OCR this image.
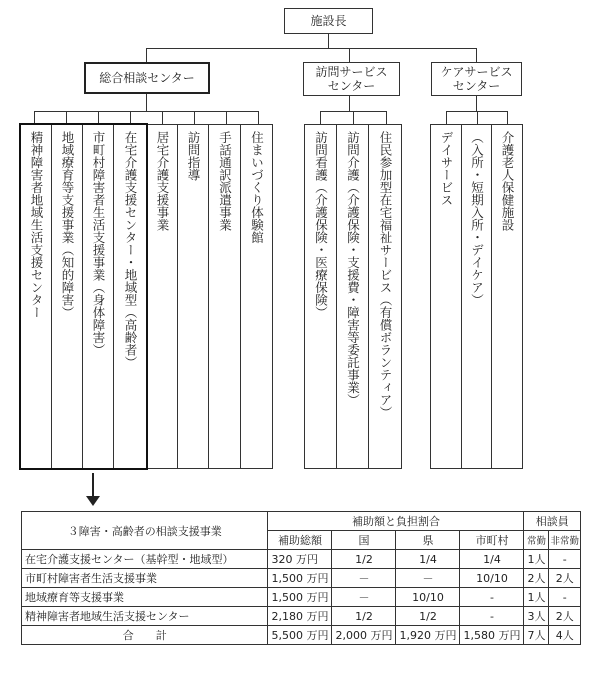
施設長
総合相談センター	訪問サービス
センター
ケアサービス
センター
精神障害者地域生活支援センター 地域療育等支援事業（知的障害） 市町村障害者生活支援事業（身体障害） 在宅介護支援センター・地域型（高齢者） 居宅介護支援事業 訪問指導 手話通訳派遣事業 住まいづくり体験館	訪問看護（介護保険・医療保険） 訪問介護（介護保険・支援費・障害等委託事業） 住民参加型在宅福祉サービス（有償ボランティア）	デイサービス （入所・短期入所・デイケア） 介護老人保健施設
３障害・高齢者の相談支援事業	補助額と負担割合				相談員	
	補助総額	国	県	市町村	常勤	非常勤
在宅介護支援センター（基幹型・地域型）	320 万円	1/2	1/4	1/4	1人	-
市町村障害者生活支援事業	1,500 万円	－	－	10/10	2人	2人
地域療育等支援事業	1,500 万円	－	10/10	-	1人	-
精神障害者地域生活支援センター	2,180 万円	1/2	1/2	-	3人	2人
合　　計	5,500 万円	2,000 万円	1,920 万円	1,580 万円	7人	4人
